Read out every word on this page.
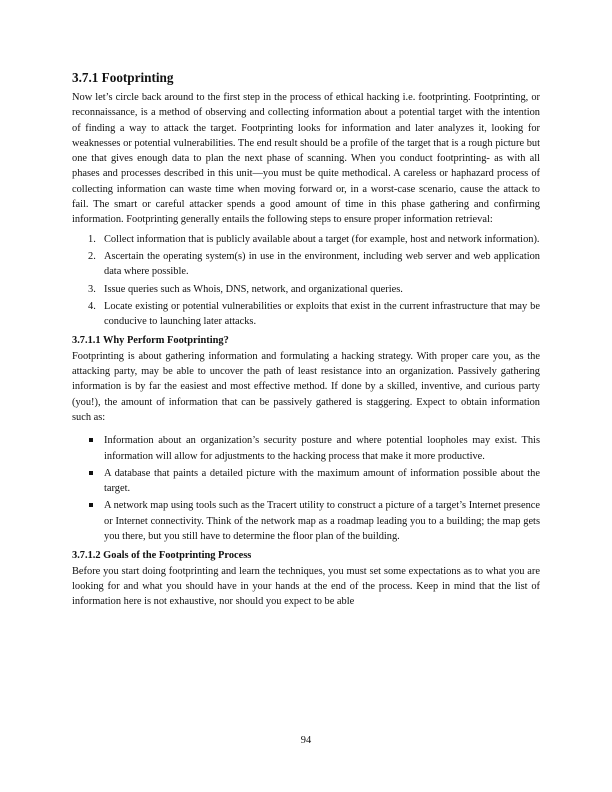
3.7.1 Footprinting

Now let’s circle back around to the first step in the process of ethical hacking i.e. footprinting. Footprinting, or reconnaissance, is a method of observing and collecting information about a potential target with the intention of finding a way to attack the target. Footprinting looks for information and later analyzes it, looking for weaknesses or potential vulnerabilities. The end result should be a profile of the target that is a rough picture but one that gives enough data to plan the next phase of scanning. When you conduct footprinting- as with all phases and processes described in this unit—you must be quite methodical. A careless or haphazard process of collecting information can waste time when moving forward or, in a worst-case scenario, cause the attack to fail. The smart or careful attacker spends a good amount of time in this phase gathering and confirming information. Footprinting generally entails the following steps to ensure proper information retrieval:

1. Collect information that is publicly available about a target (for example, host and network information).
2. Ascertain the operating system(s) in use in the environment, including web server and web application data where possible.
3. Issue queries such as Whois, DNS, network, and organizational queries.
4. Locate existing or potential vulnerabilities or exploits that exist in the current infrastructure that may be conducive to launching later attacks.
3.7.1.1 Why Perform Footprinting?

Footprinting is about gathering information and formulating a hacking strategy. With proper care you, as the attacking party, may be able to uncover the path of least resistance into an organization. Passively gathering information is by far the easiest and most effective method. If done by a skilled, inventive, and curious party (you!), the amount of information that can be passively gathered is staggering. Expect to obtain information such as:

Information about an organization’s security posture and where potential loopholes may exist. This information will allow for adjustments to the hacking process that make it more productive.
A database that paints a detailed picture with the maximum amount of information possible about the target.
A network map using tools such as the Tracert utility to construct a picture of a target’s Internet presence or Internet connectivity. Think of the network map as a roadmap leading you to a building; the map gets you there, but you still have to determine the floor plan of the building.
3.7.1.2 Goals of the Footprinting Process

Before you start doing footprinting and learn the techniques, you must set some expectations as to what you are looking for and what you should have in your hands at the end of the process. Keep in mind that the list of information here is not exhaustive, nor should you expect to be able

94
